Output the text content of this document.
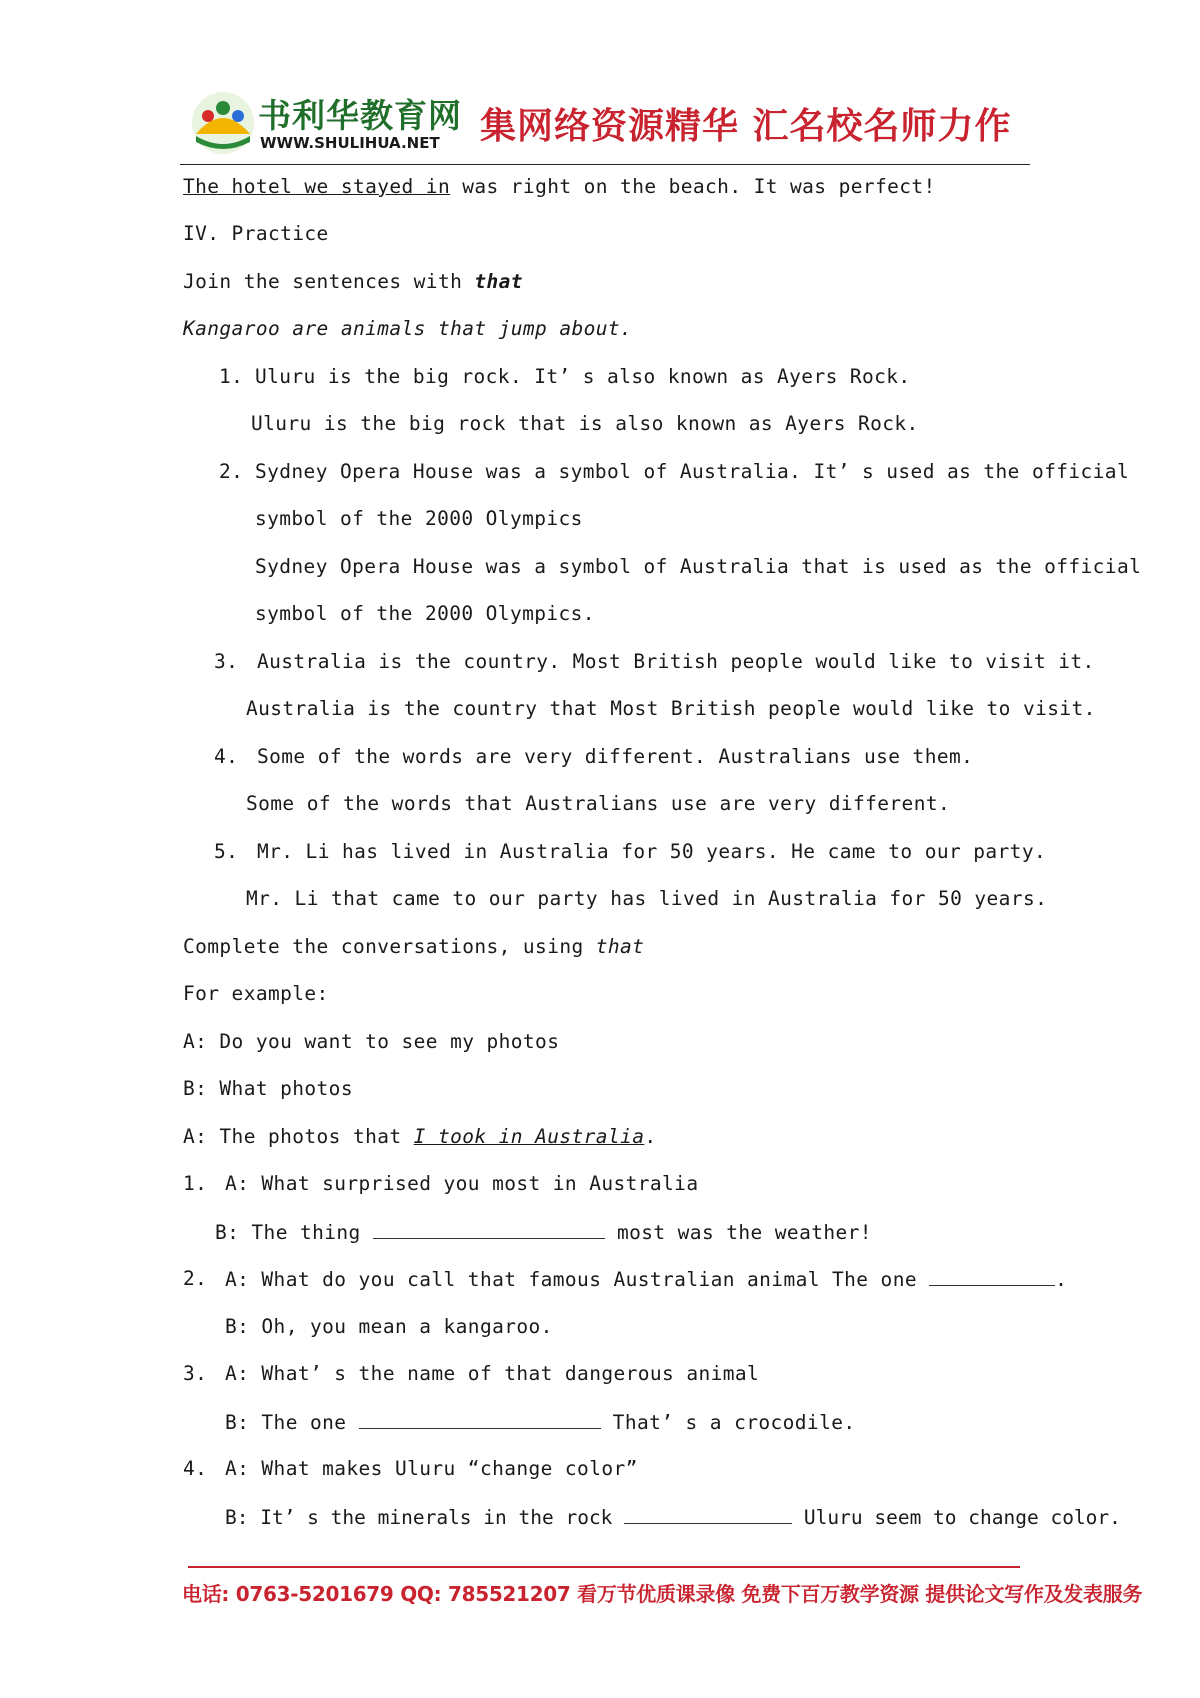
书利华教育网
WWW.SHULIHUA.NET 集网络资源精华 汇名校名师力作
The hotel we stayed in was right on the beach. It was perfect!
IV. Practice
Join the sentences with that
Kangaroo are animals that jump about.
1. Uluru is the big rock. It’ s also known as Ayers Rock.
Uluru is the big rock that is also known as Ayers Rock.
2. Sydney Opera House was a symbol of Australia. It’ s used as the official
symbol of the 2000 Olympics
Sydney Opera House was a symbol of Australia that is used as the official
symbol of the 2000 Olympics.
3. Australia is the country. Most British people would like to visit it.
Australia is the country that Most British people would like to visit.
4. Some of the words are very different. Australians use them.
Some of the words that Australians use are very different.
5. Mr. Li has lived in Australia for 50 years. He came to our party.
Mr. Li that came to our party has lived in Australia for 50 years.
Complete the conversations, using that
For example:
A: Do you want to see my photos
B: What photos
A: The photos that I took in Australia.
1. A: What surprised you most in Australia
B: The thing	most was the weather!
2. A: What do you call that famous Australian animal The one	.
B: Oh, you mean a kangaroo.
3. A: What’ s the name of that dangerous animal
B: The one	That’ s a crocodile.
4. A: What makes Uluru “change color”
B: It’ s the minerals in the rock	Uluru seem to change color.
电话: 0763-5201679 QQ: 785521207 看万节优质课录像 免费下百万教学资源 提供论文写作及发表服务
